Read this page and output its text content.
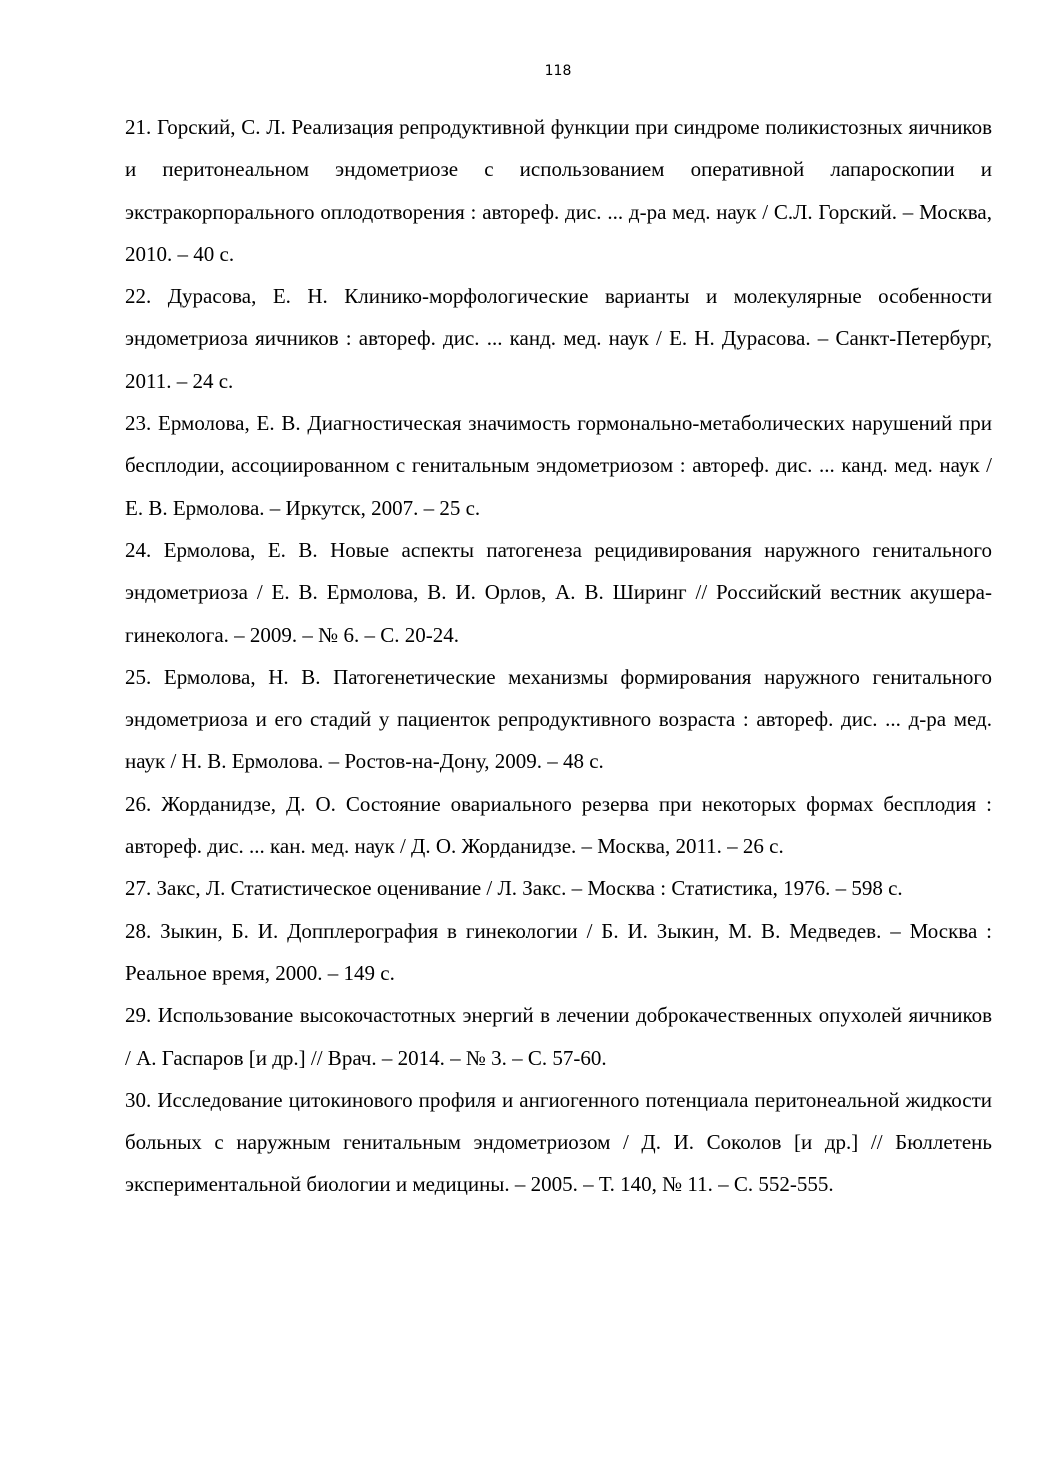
118

21. Горский, С. Л. Реализация репродуктивной функции при синдроме поликистозных яичников и перитонеальном эндометриозе с использованием оперативной лапароскопии и экстракорпорального оплодотворения : автореф. дис. ... д-ра мед. наук / С.Л. Горский. – Москва, 2010. – 40 с.

22. Дурасова, Е. Н. Клинико-морфологические варианты и молекулярные особенности эндометриоза яичников : автореф. дис. ... канд. мед. наук / Е. Н. Дурасова. – Санкт-Петербург, 2011. – 24 с.

23. Ермолова, Е. В. Диагностическая значимость гормонально-метаболических нарушений при бесплодии, ассоциированном с генитальным эндометриозом : автореф. дис. ... канд. мед. наук / Е. В. Ермолова. – Иркутск, 2007. – 25 с.

24. Ермолова, Е. В. Новые аспекты патогенеза рецидивирования наружного генитального эндометриоза / Е. В. Ермолова, В. И. Орлов, А. В. Ширинг // Российский вестник акушера-гинеколога. – 2009. – № 6. – С. 20-24.

25. Ермолова, Н. В. Патогенетические механизмы формирования наружного генитального эндометриоза и его стадий у пациенток репродуктивного возраста : автореф. дис. ... д-ра мед. наук / Н. В. Ермолова. – Ростов-на-Дону, 2009. – 48 с.

26. Жорданидзе, Д. О. Состояние овариального резерва при некоторых формах бесплодия : автореф. дис. ... кан. мед. наук / Д. О. Жорданидзе. – Москва, 2011. – 26 с.

27. Закс, Л. Статистическое оценивание / Л. Закс. – Москва : Статистика, 1976. – 598 с.

28. Зыкин, Б. И. Допплерография в гинекологии / Б. И. Зыкин, М. В. Медведев. – Москва : Реальное время, 2000. – 149 с.

29. Использование высокочастотных энергий в лечении доброкачественных опухолей яичников / А. Гаспаров [и др.] // Врач. – 2014. – № 3. – С. 57-60.

30. Исследование цитокинового профиля и ангиогенного потенциала перитонеальной жидкости больных с наружным генитальным эндометриозом / Д. И. Соколов [и др.] // Бюллетень экспериментальной биологии и медицины. – 2005. – Т. 140, № 11. – С. 552-555.
